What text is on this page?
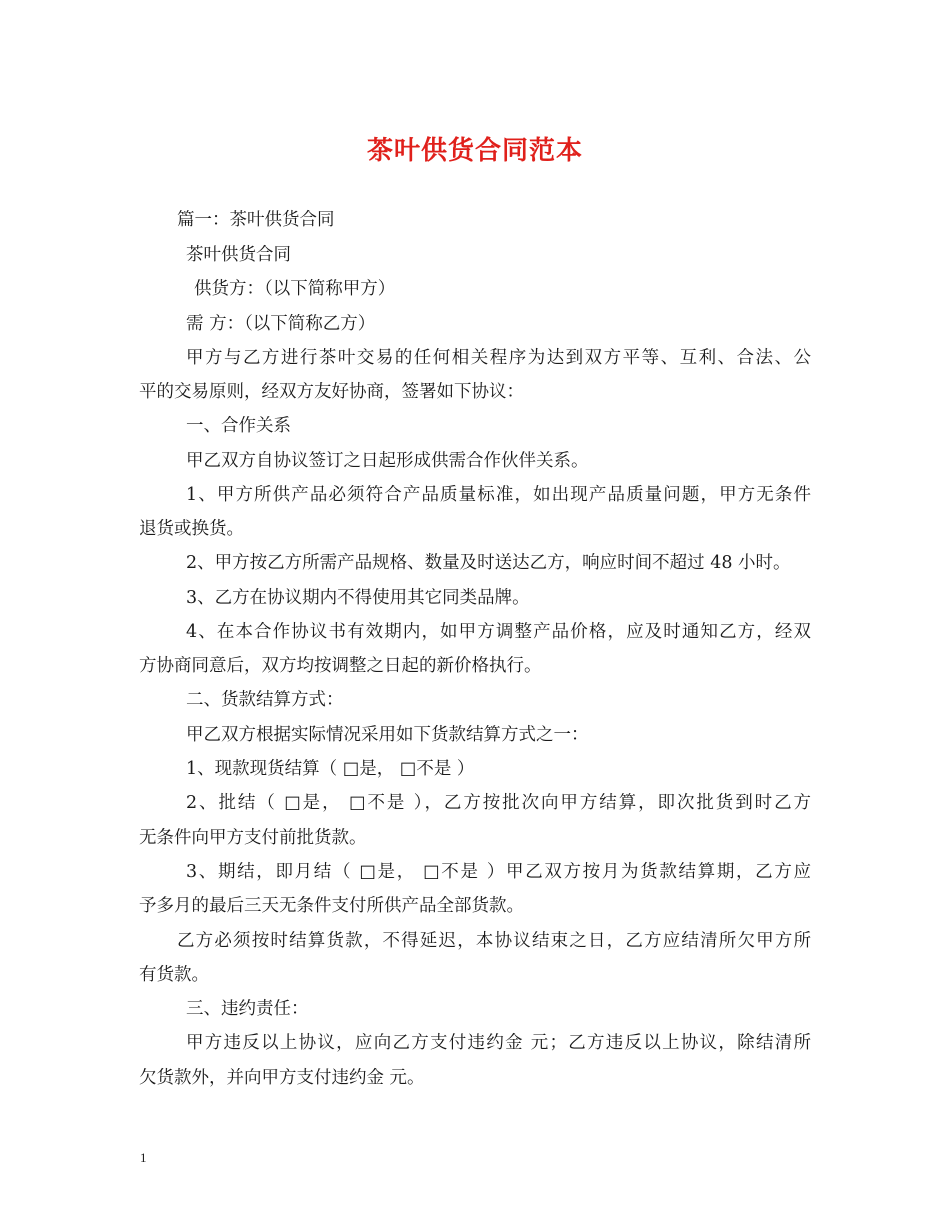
茶叶供货合同范本
篇一：茶叶供货合同
茶叶供货合同
供货方：（以下简称甲方）
需 方：（以下简称乙方）
甲方与乙方进行茶叶交易的任何相关程序为达到双方平等、互利、合法、公
平的交易原则，经双方友好协商，签署如下协议：
一、合作关系
甲乙双方自协议签订之日起形成供需合作伙伴关系。
1、甲方所供产品必须符合产品质量标准，如出现产品质量问题，甲方无条件
退货或换货。
2、甲方按乙方所需产品规格、数量及时送达乙方，响应时间不超过 48 小时。
3、乙方在协议期内不得使用其它同类品牌。
4、在本合作协议书有效期内，如甲方调整产品价格，应及时通知乙方，经双
方协商同意后，双方均按调整之日起的新价格执行。
二、货款结算方式：
甲乙双方根据实际情况采用如下货款结算方式之一：
1、现款现货结算（ □是， □不是 ）
2、批结（ □是， □不是 ），乙方按批次向甲方结算，即次批货到时乙方
无条件向甲方支付前批货款。
3、期结，即月结（ □是， □不是 ）甲乙双方按月为货款结算期，乙方应
予多月的最后三天无条件支付所供产品全部货款。
乙方必须按时结算货款，不得延迟，本协议结束之日，乙方应结清所欠甲方所
有货款。
三、违约责任：
甲方违反以上协议，应向乙方支付违约金 元；乙方违反以上协议，除结清所
欠货款外，并向甲方支付违约金 元。
1
